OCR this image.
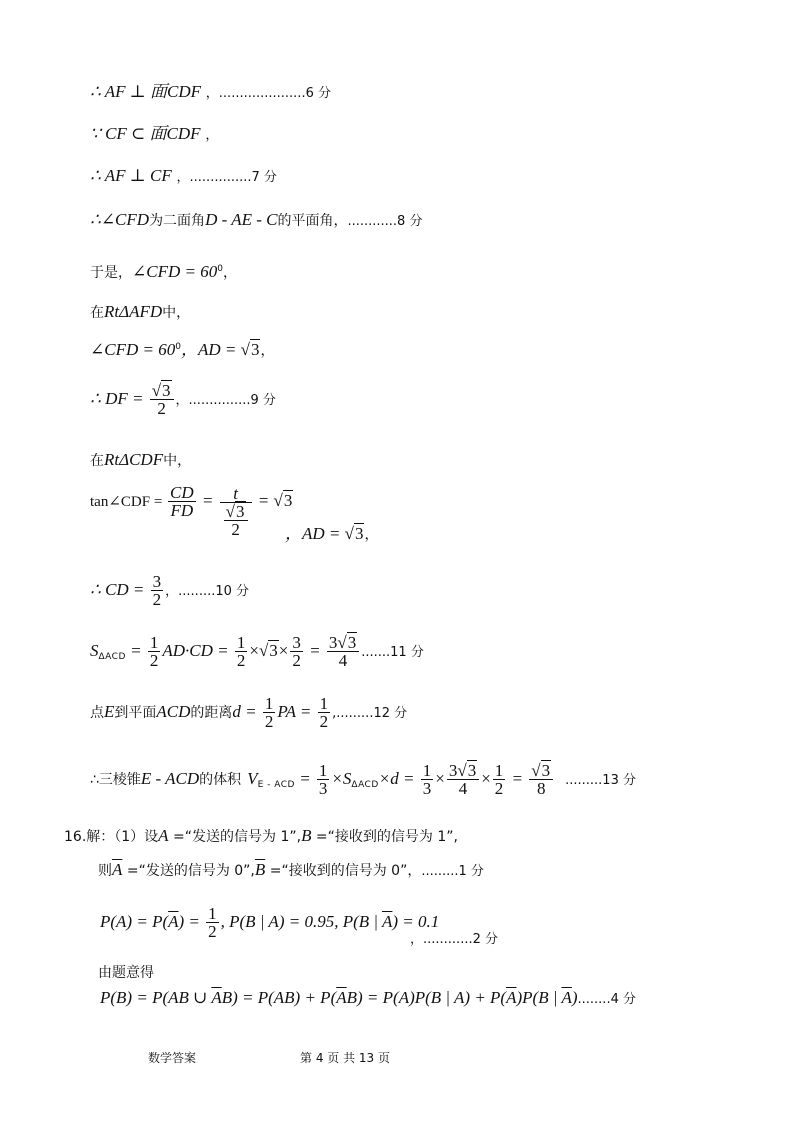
∴ AF ⊥ 面CDF ，.....................6 分
∵ CF ⊂ 面CDF ，
∴ AF ⊥ CF ，...............7 分
∴∠CFD为二面角D - AE - C的平面角，............8 分
于是，∠CFD = $60^0$，
在RtΔAFD中，
∠CFD = $60^0$，AD = √3，
∴ DF = $\frac{√3}{2}$ ，...............9 分
在RtΔCDF中，
tan∠CDF = $\frac{CD}{FD} = \frac{t}{\frac{√3}{2}} = √3$
，AD = √3，
∴ CD = $\frac{3}{2}$ ，.........10 分
$S_{\Delta ACD} = \frac{1}{2} AD\cdot CD = \frac{1}{2} \times√3\times \frac{3}{2} = \frac{3√3}{4} .......11$ 分
点E到平面ACD的距离$d = \frac{1}{2}$ PA = $\frac{1}{2} ,.........12$ 分
∴三棱锥E - ACD的体积 $V_{E - ACD} = \frac{1}{3} \times S_{\Delta ACD}\times d = \frac{1}{3} \times \frac{3√3}{4} \times \frac{1}{2} = \frac{√3}{8} .........13$ 分
16.解：（1）设A =“发送的信号为 1”,B =“接收到的信号为 1”,
则$\overline{A}$ =“发送的信号为 $0”,\overline{B}$ =“接收到的信号为 0”，.........1 分
$P(A) = P(\overline{A}) = \frac{1}{2}$ , P(B | A) = 0.95, P(B | $\overline{A}) = 0.1$
，............2 分
由题意得
P(B) = P(AB ∪ $\overline{A}B) = P(AB) + P(\overline{A}B) = P(A)P(B$ | $A) + P(\overline{A})P(B$ | $\overline{A})........4$ 分
数学答案	第 4 页 共 13 页
